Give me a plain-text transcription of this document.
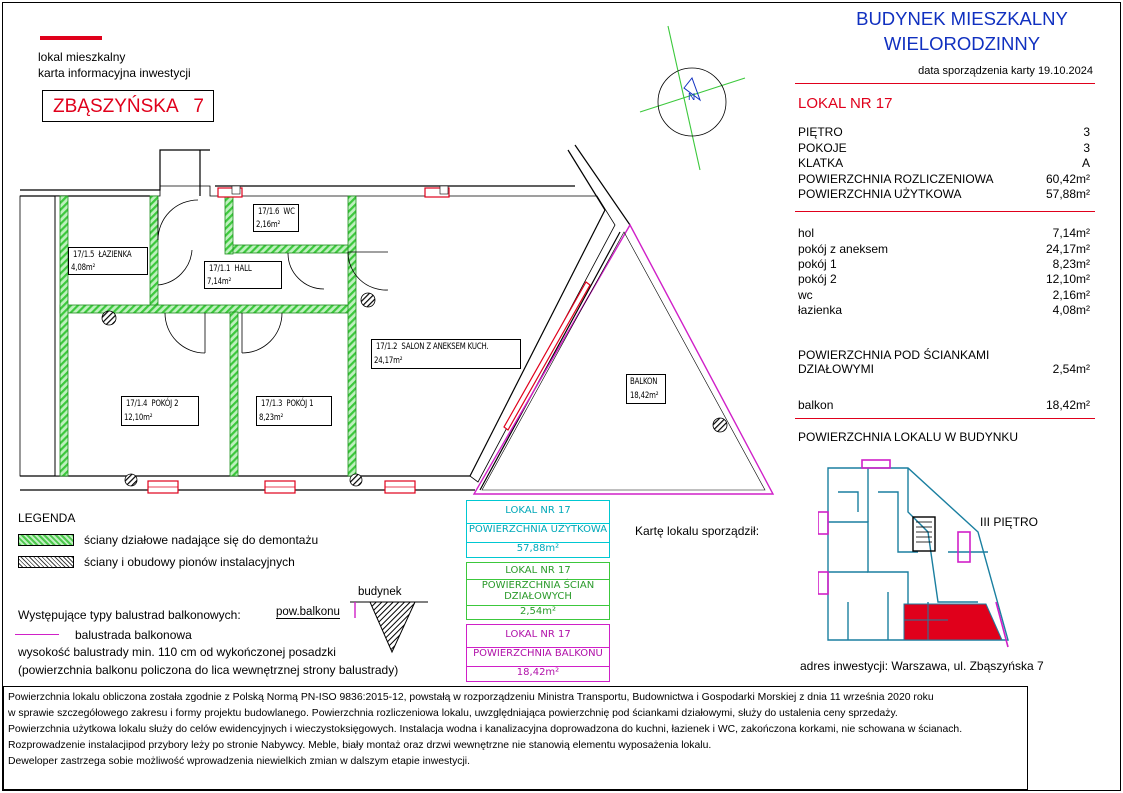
lokal mieszkalny
karta informacyjna inwestycji
ZBĄSZYŃSKA   7
BUDYNEK MIESZKALNY
WIELORODZINNY
data sporządzenia karty 19.10.2024
LOKAL NR 17
PIĘTRO	3
POKOJE	3
KLATKA	A
POWIERZCHNIA ROZLICZENIOWA	60,42m²
POWIERZCHNIA UŻYTKOWA	57,88m²
hol	7,14m²
pokój z aneksem	24,17m²
pokój 1	8,23m²
pokój 2	12,10m²
wc	2,16m²
łazienka	4,08m²
POWIERZCHNIA POD ŚCIANKAMI
DZIAŁOWYMI	2,54m²
balkon	18,42m²
POWIERZCHNIA LOKALU W BUDYNKU
III PIĘTRO
adres inwestycji: Warszawa, ul. Zbąszyńska 7
N
17/1.6 WC
2,16m²
17/1.5 ŁAZIENKA
4,08m²	17/1.1 HALL
7,14m²
17/1.2 SALON Z ANEKSEM KUCH.
24,17m²
17/1.4 POKÓJ 2
12,10m²
17/1.3 POKÓJ 1
8,23m²
BALKON
18,42m²
LEGENDA
ściany działowe nadające się do demontażu
ściany i obudowy pionów instalacyjnych
Występujące typy balustrad balkonowych:
balustrada balkonowa
wysokość balustrady min. 110 cm od wykończonej posadzki
(powierzchnia balkonu policzona do lica wewnętrznej strony balustrady)
budynek
pow.balkonu
LOKAL NR 17
POWIERZCHNIA UŻYTKOWA
57,88m²
LOKAL NR 17
POWIERZCHNIA ŚCIAN DZIAŁOWYCH
2,54m²
LOKAL NR 17
POWIERZCHNIA BALKONU
18,42m²
Kartę lokalu sporządził:
Powierzchnia lokalu obliczona została zgodnie z Polską Normą PN-ISO 9836:2015-12, powstałą w rozporządzeniu Ministra Transportu, Budownictwa i Gospodarki Morskiej z dnia 11 września 2020 roku
w sprawie szczegółowego zakresu i formy projektu budowlanego. Powierzchnia rozliczeniowa lokalu, uwzględniająca powierzchnię pod ściankami działowymi, służy do ustalenia ceny sprzedaży.
Powierzchnia użytkowa lokalu służy do celów ewidencyjnych i wieczystoksięgowych. Instalacja wodna i kanalizacyjna doprowadzona do kuchni, łazienek i WC, zakończona korkami, nie schowana w ścianach.
Rozprowadzenie instalacjipod przybory leży po stronie Nabywcy. Meble, biały montaż oraz drzwi wewnętrzne nie stanowią elementu wyposażenia lokalu.
Deweloper zastrzega sobie możliwość wprowadzenia niewielkich zmian w dalszym etapie inwestycji.
